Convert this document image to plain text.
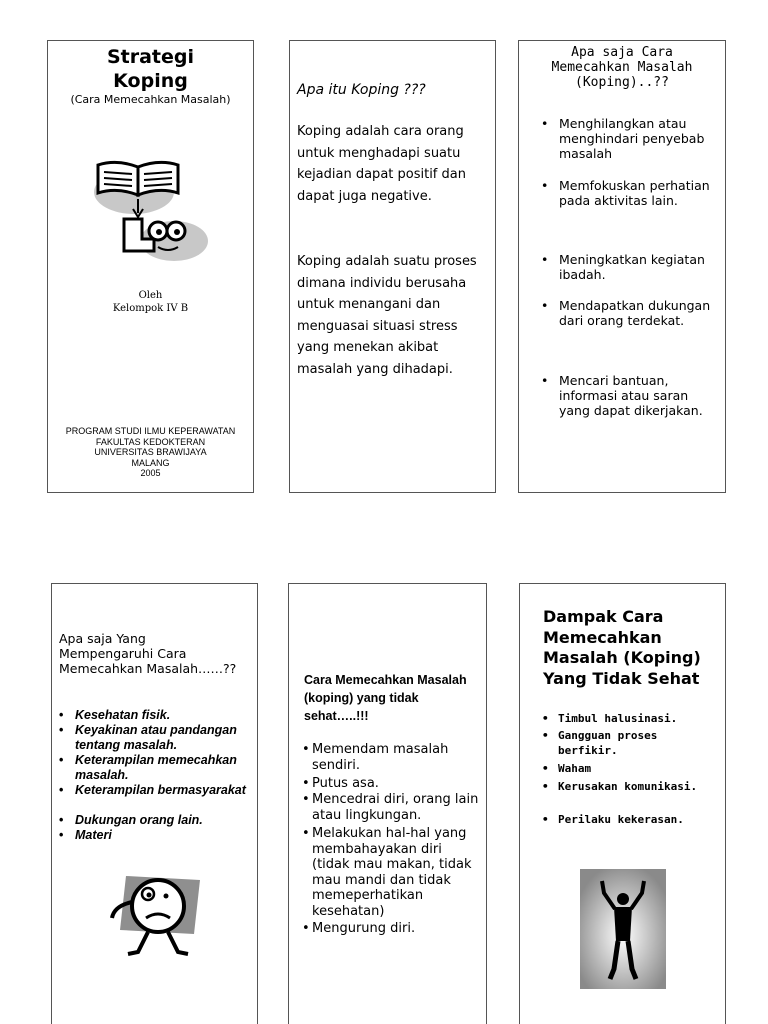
Strategi
Koping
(Cara Memecahkan Masalah)
Oleh
Kelompok IV B
PROGRAM STUDI ILMU KEPERAWATAN
FAKULTAS KEDOKTERAN
UNIVERSITAS BRAWIJAYA
MALANG
2005
Apa itu Koping ???
Koping adalah cara orang untuk menghadapi suatu kejadian dapat positif dan dapat juga negative.
Koping adalah suatu proses dimana individu berusaha untuk menangani dan menguasai situasi stress yang menekan akibat masalah yang dihadapi.
Apa saja Cara
Memecahkan Masalah
(Koping)..??
• Menghilangkan atau menghindari penyebab masalah
• Memfokuskan perhatian pada aktivitas lain.
• Meningkatkan kegiatan ibadah.
• Mendapatkan dukungan dari orang terdekat.
• Mencari bantuan, informasi atau saran yang dapat dikerjakan.
Apa saja Yang Mempengaruhi Cara Memecahkan Masalah……??
• Kesehatan fisik.
• Keyakinan atau pandangan tentang masalah.
• Keterampilan memecahkan masalah.
• Keterampilan bermasyarakat
• Dukungan orang lain.
• Materi
Cara Memecahkan Masalah (koping) yang tidak sehat…..!!!
• Memendam masalah sendiri.
• Putus asa.
• Mencedrai diri, orang lain atau lingkungan.
• Melakukan hal-hal yang membahayakan diri (tidak mau makan, tidak mau mandi dan tidak memeperhatikan kesehatan)
• Mengurung diri.
Dampak Cara Memecahkan Masalah (Koping) Yang Tidak Sehat
• Timbul halusinasi.
• Gangguan proses berfikir.
• Waham
• Kerusakan komunikasi.
• Perilaku kekerasan.
